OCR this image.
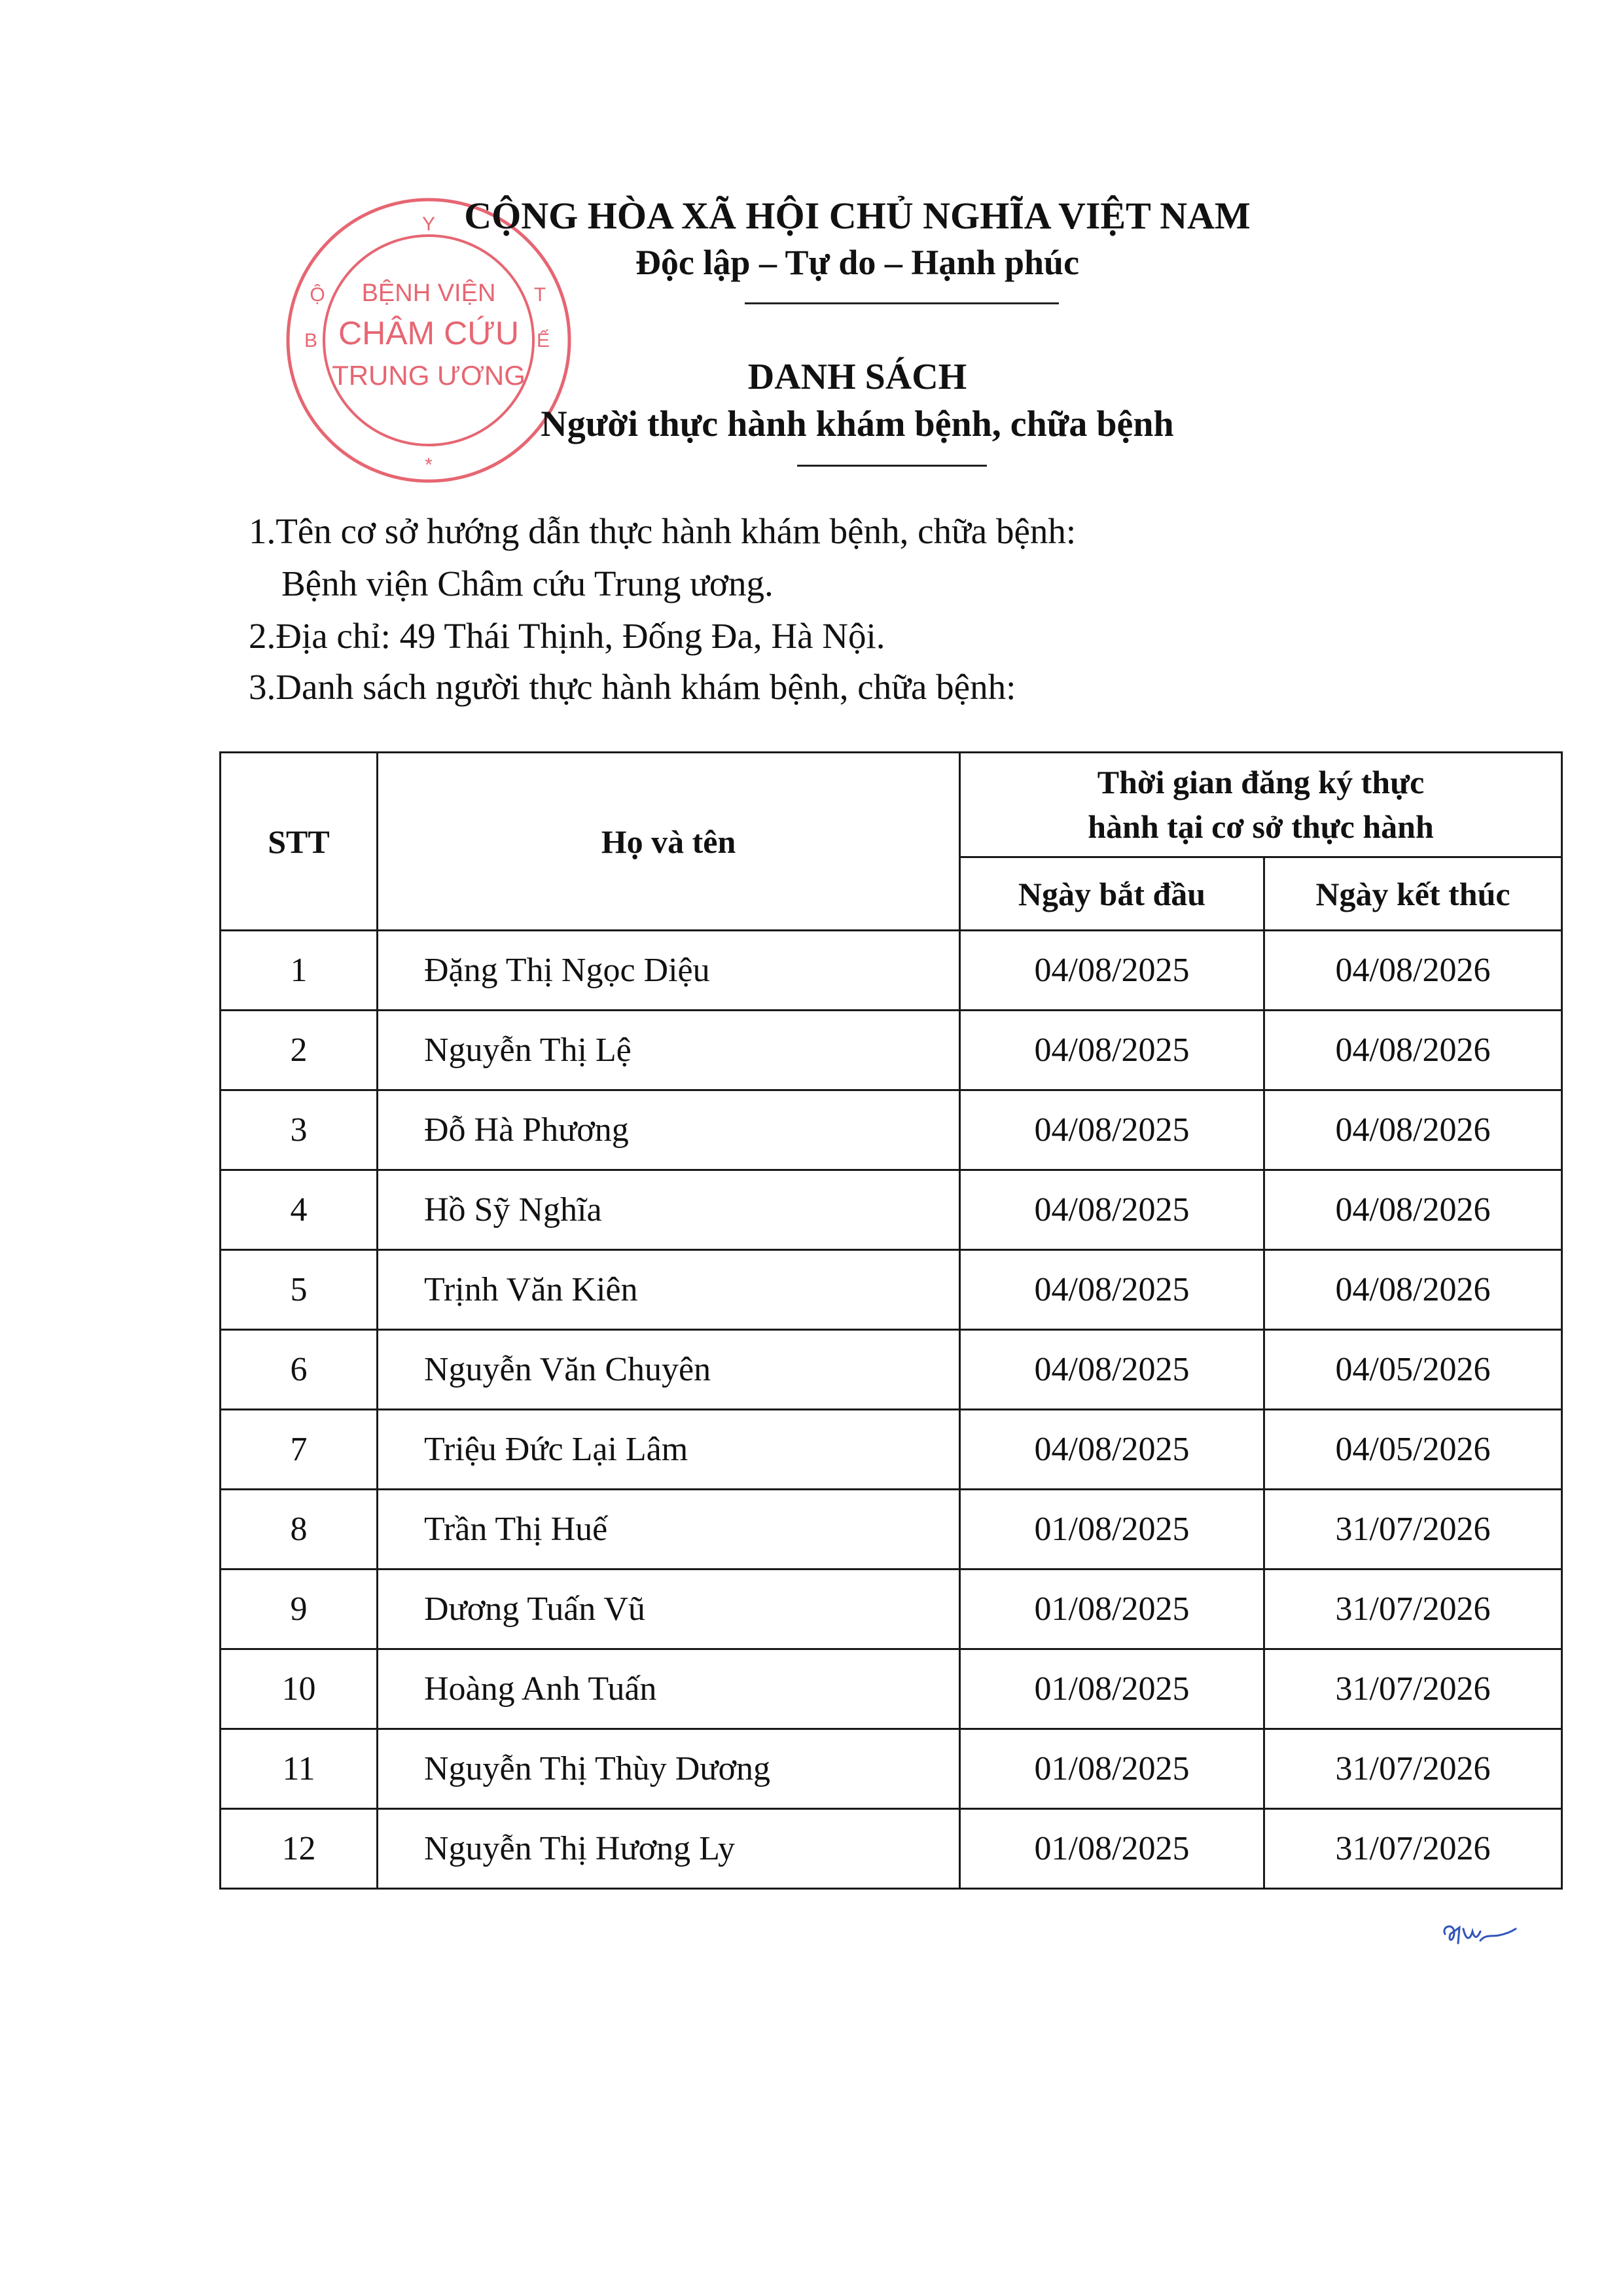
Y
Ộ
B
T
Ế
*
BỆNH VIỆN
CHÂM CỨU
TRUNG ƯƠNG
CỘNG HÒA XÃ HỘI CHỦ NGHĨA VIỆT NAM
Độc lập – Tự do – Hạnh phúc
DANH SÁCH
Người thực hành khám bệnh, chữa bệnh
1.Tên cơ sở hướng dẫn thực hành khám bệnh, chữa bệnh:
Bệnh viện Châm cứu Trung ương.
2.Địa chỉ: 49 Thái Thịnh, Đống Đa, Hà Nội.
3.Danh sách người thực hành khám bệnh, chữa bệnh:
STT	Họ và tên	Thời gian đăng ký thực hành tại cơ sở thực hành	
		Ngày bắt đầu	Ngày kết thúc
1	Đặng Thị Ngọc Diệu	04/08/2025	04/08/2026
2	Nguyễn Thị Lệ	04/08/2025	04/08/2026
3	Đỗ Hà Phương	04/08/2025	04/08/2026
4	Hồ Sỹ Nghĩa	04/08/2025	04/08/2026
5	Trịnh Văn Kiên	04/08/2025	04/08/2026
6	Nguyễn Văn Chuyên	04/08/2025	04/05/2026
7	Triệu Đức Lại Lâm	04/08/2025	04/05/2026
8	Trần Thị Huế	01/08/2025	31/07/2026
9	Dương Tuấn Vũ	01/08/2025	31/07/2026
10	Hoàng Anh Tuấn	01/08/2025	31/07/2026
11	Nguyễn Thị Thùy Dương	01/08/2025	31/07/2026
12	Nguyễn Thị Hương Ly	01/08/2025	31/07/2026
